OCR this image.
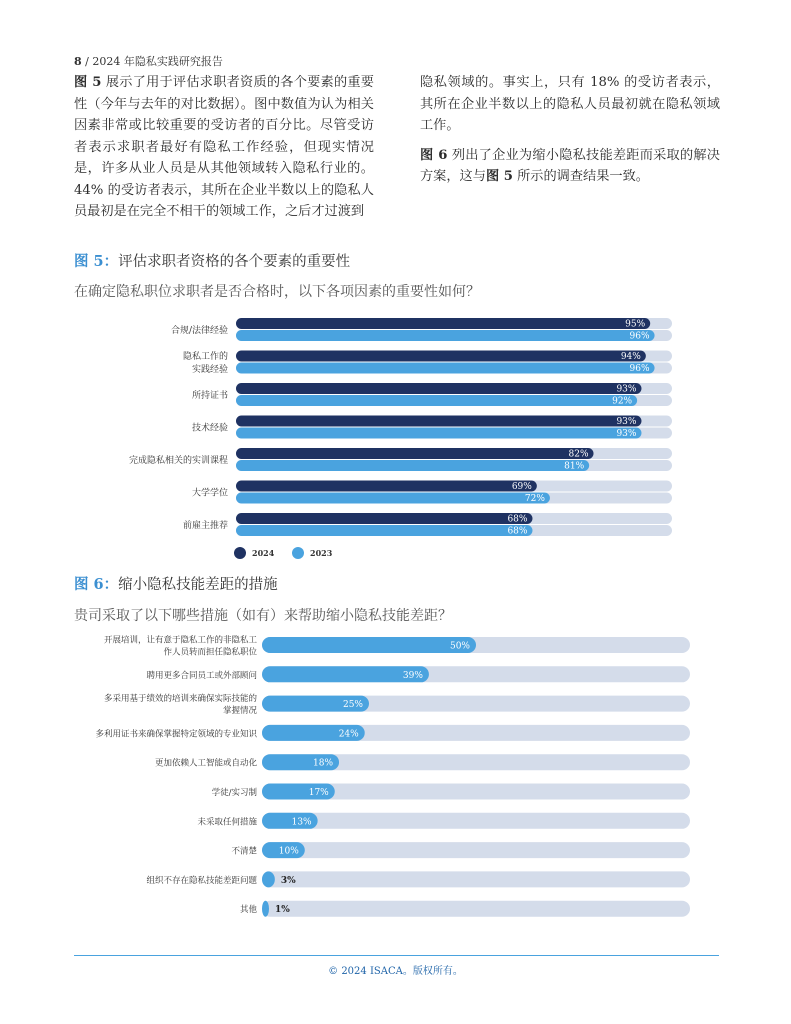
8 / 2024 年隐私实践研究报告

图 5 展示了用于评估求职者资质的各个要素的重要性（今年与去年的对比数据）。图中数值为认为相关因素非常或比较重要的受访者的百分比。尽管受访者表示求职者最好有隐私工作经验，但现实情况是，许多从业人员是从其他领域转入隐私行业的。44% 的受访者表示，其所在企业半数以上的隐私人员最初是在完全不相干的领域工作，之后才过渡到

隐私领域的。事实上，只有 18% 的受访者表示，其所在企业半数以上的隐私人员最初就在隐私领域工作。

图 6 列出了企业为缩小隐私技能差距而采取的解决方案，这与图 5 所示的调查结果一致。

图 5：评估求职者资格的各个要素的重要性
在确定隐私职位求职者是否合格时，以下各项因素的重要性如何？
合规/法律经验
95%
96%
隐私工作的
实践经验
94%
96%
所持证书
93%
92%
技术经验
93%
93%
完成隐私相关的实训课程
82%
81%
大学学位
69%
72%
前雇主推荐
68%
68%
2024	2023
图 6：缩小隐私技能差距的措施
贵司采取了以下哪些措施（如有）来帮助缩小隐私技能差距？
开展培训，让有意于隐私工作的非隐私工
作人员转而担任隐私职位
50%
聘用更多合同员工或外部顾问	39%
多采用基于绩效的培训来确保实际技能的
掌握情况
25%
多利用证书来确保掌握特定领域的专业知识	24%
更加依赖人工智能或自动化	18%
学徒/实习制	17%
未采取任何措施	13%
不清楚 10%
组织不存在隐私技能差距问题	3%
其他 1%
© 2024 ISACA。版权所有。
